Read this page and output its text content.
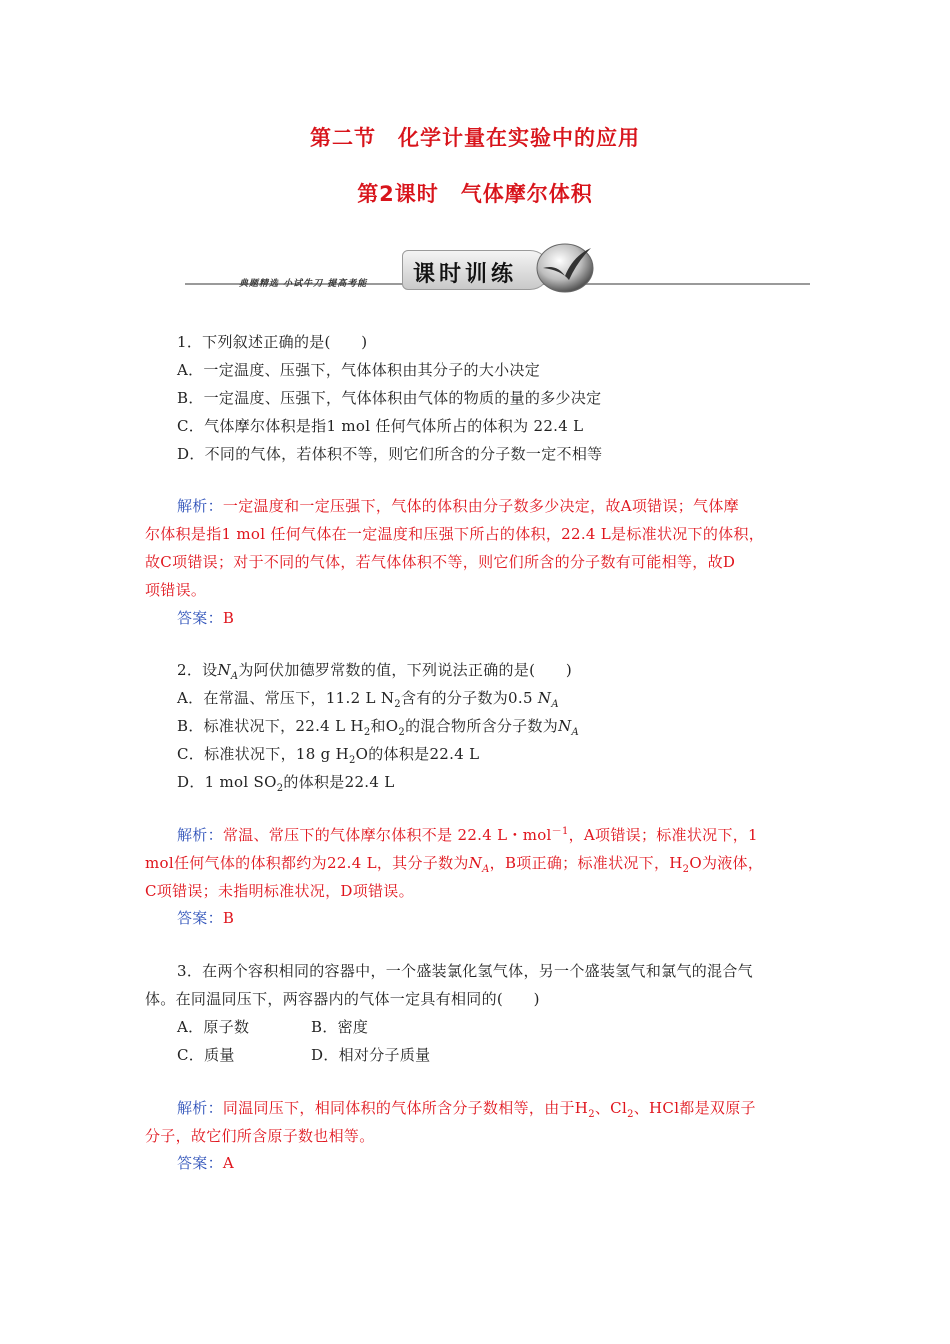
第二节　化学计量在实验中的应用
第2课时　气体摩尔体积
典题精选 小试牛刀 提高考能 课时训练
1．下列叙述正确的是(　　)
A．一定温度、压强下，气体体积由其分子的大小决定
B．一定温度、压强下，气体体积由气体的物质的量的多少决定
C．气体摩尔体积是指1 mol 任何气体所占的体积为 22.4 L
D．不同的气体，若体积不等，则它们所含的分子数一定不相等
解析：一定温度和一定压强下，气体的体积由分子数多少决定，故A项错误；气体摩
尔体积是指1 mol 任何气体在一定温度和压强下所占的体积，22.4 L是标准状况下的体积，
故C项错误；对于不同的气体，若气体体积不等，则它们所含的分子数有可能相等，故D
项错误。
答案：B
2．设$N_A$为阿伏加德罗常数的值，下列说法正确的是(　　)
A．在常温、常压下，11.2 L $N_2$含有的分子数为0.5 $N_A$
B．标准状况下，22.4 L $H_2$和$O_2$的混合物所含分子数为$N_A$
C．标准状况下，18 g $H_2O$的体积是22.4 L
D．1 mol $SO_2$的体积是22.4 L
解析：常温、常压下的气体摩尔体积不是 22.4 L・mol$^{-1}$，A项错误；标准状况下，1
mol任何气体的体积都约为22.4 L，其分子数为$N_A$，B项正确；标准状况下，$H_2O$为液体，
C项错误；未指明标准状况，D项错误。
答案：B
3．在两个容积相同的容器中，一个盛装氯化氢气体，另一个盛装氢气和氯气的混合气
体。在同温同压下，两容器内的气体一定具有相同的(　　)
A．原子数	B．密度
C．质量	D．相对分子质量
解析：同温同压下，相同体积的气体所含分子数相等，由于$H_2$、$Cl_2$、HCl都是双原子
分子，故它们所含原子数也相等。
答案：A
